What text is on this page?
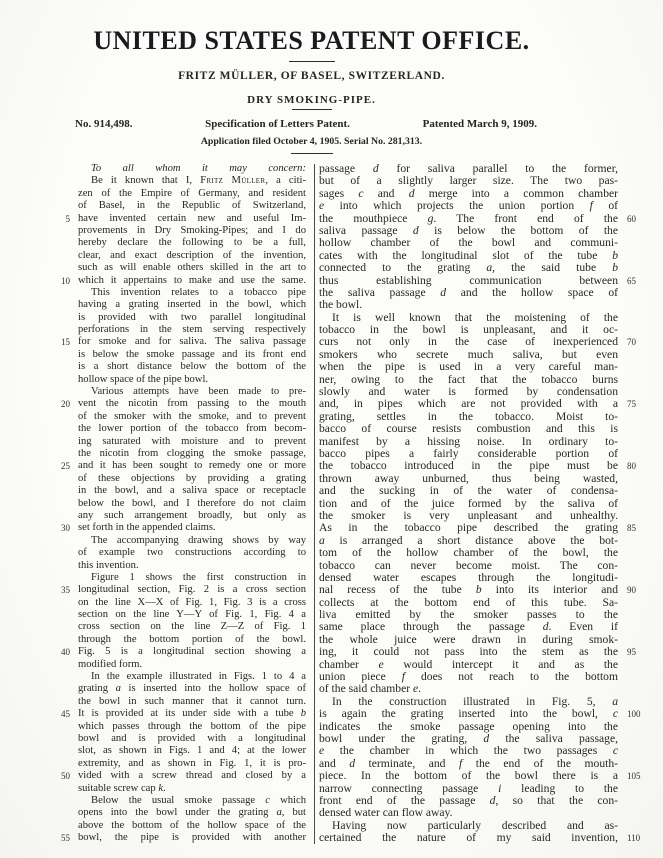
UNITED STATES PATENT OFFICE.
FRITZ MÜLLER, OF BASEL, SWITZERLAND.
DRY SMOKING-PIPE.
No. 914,498.	Specification of Letters Patent.	Patented March 9, 1909.
Application filed October 4, 1905. Serial No. 281,313.
To all whom it may concern:
Be it known that I, Fritz Müller, a citi-
zen of the Empire of Germany, and resident
of Basel, in the Republic of Switzerland,
5 have invented certain new and useful Im-
provements in Dry Smoking-Pipes; and I do
hereby declare the following to be a full,
clear, and exact description of the invention,
such as will enable others skilled in the art to
10 which it appertains to make and use the same.
This invention relates to a tobacco pipe
having a grating inserted in the bowl, which
is provided with two parallel longitudinal
perforations in the stem serving respectively
15 for smoke and for saliva. The saliva passage
is below the smoke passage and its front end
is a short distance below the bottom of the
hollow space of the pipe bowl.
Various attempts have been made to pre-
20 vent the nicotin from passing to the mouth
of the smoker with the smoke, and to prevent
the lower portion of the tobacco from becom-
ing saturated with moisture and to prevent
the nicotin from clogging the smoke passage,
25 and it has been sought to remedy one or more
of these objections by providing a grating
in the bowl, and a saliva space or receptacle
below the bowl, and I therefore do not claim
any such arrangement broadly, but only as
30 set forth in the appended claims.
The accompanying drawing shows by way
of example two constructions according to
this invention.
Figure 1 shows the first construction in
35 longitudinal section, Fig. 2 is a cross section
on the line X—X of Fig. 1, Fig. 3 is a cross
section on the line Y—Y of Fig. 1, Fig. 4 a
cross section on the line Z—Z of Fig. 1
through the bottom portion of the bowl.
40 Fig. 5 is a longitudinal section showing a
modified form.
In the example illustrated in Figs. 1 to 4 a
grating a is inserted into the hollow space of
the bowl in such manner that it cannot turn.
45 It is provided at its under side with a tube b
which passes through the bottom of the pipe
bowl and is provided with a longitudinal
slot, as shown in Figs. 1 and 4; at the lower
extremity, and as shown in Fig. 1, it is pro-
50 vided with a screw thread and closed by a
suitable screw cap k.
Below the usual smoke passage c which
opens into the bowl under the grating a, but
above the bottom of the hollow space of the
55 bowl, the pipe is provided with another
passage d for saliva parallel to the former,
but of a slightly larger size. The two pas-
sages c and d merge into a common chamber
e into which projects the union portion f of
the mouthpiece g. The front end of the	60
saliva passage d is below the bottom of the
hollow chamber of the bowl and communi-
cates with the longitudinal slot of the tube b
connected to the grating a, the said tube b
thus establishing communication between	65
the saliva passage d and the hollow space of
the bowl.
It is well known that the moistening of the
tobacco in the bowl is unpleasant, and it oc-
curs not only in the case of inexperienced	70
smokers who secrete much saliva, but even
when the pipe is used in a very careful man-
ner, owing to the fact that the tobacco burns
slowly and water is formed by condensation
and, in pipes which are not provided with a	75
grating, settles in the tobacco. Moist to-
bacco of course resists combustion and this is
manifest by a hissing noise. In ordinary to-
bacco pipes a fairly considerable portion of
the tobacco introduced in the pipe must be	80
thrown away unburned, thus being wasted,
and the sucking in of the water of condensa-
tion and of the juice formed by the saliva of
the smoker is very unpleasant and unhealthy.
As in the tobacco pipe described the grating	85
a is arranged a short distance above the bot-
tom of the hollow chamber of the bowl, the
tobacco can never become moist. The con-
densed water escapes through the longitudi-
nal recess of the tube b into its interior and 90
collects at the bottom end of this tube. Sa-
liva emitted by the smoker passes to the
same place through the passage d. Even if
the whole juice were drawn in during smok-
ing, it could not pass into the stem as the	95
chamber e would intercept it and as the
union piece f does not reach to the bottom
of the said chamber e.
In the construction illustrated in Fig. 5, a
is again the grating inserted into the bowl, c	100
indicates the smoke passage opening into the
bowl under the grating, d the saliva passage,
e the chamber in which the two passages c
and d terminate, and f the end of the mouth-
piece. In the bottom of the bowl there is a	105
narrow connecting passage i leading to the
front end of the passage d, so that the con-
densed water can flow away.
Having now particularly described and as-
certained the nature of my said invention,	110
